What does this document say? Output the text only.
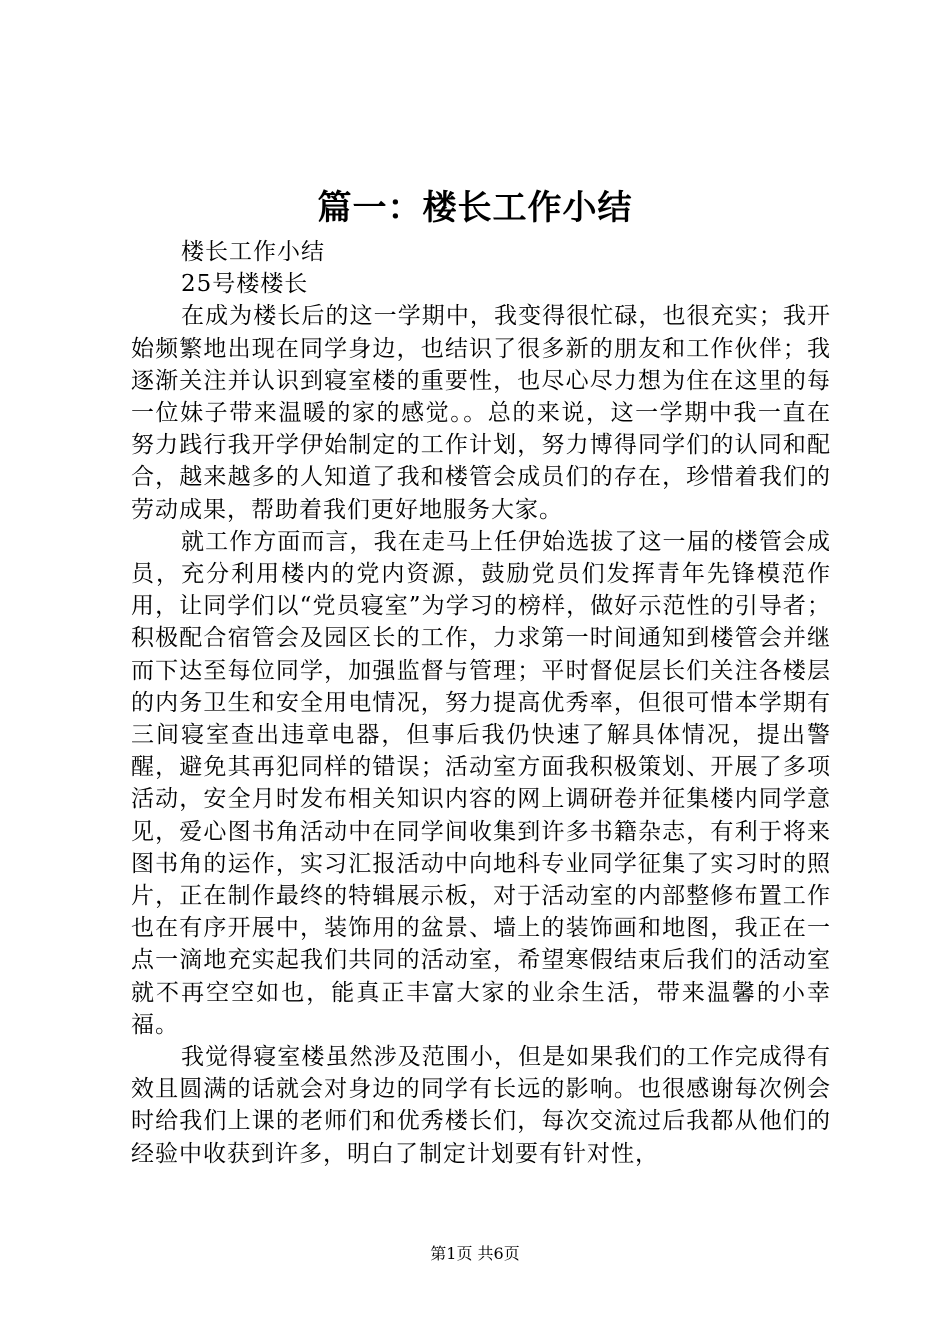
篇一：楼长工作小结

楼长工作小结

25号楼楼长

在成为楼长后的这一学期中，我变得很忙碌，也很充实；我开始频繁地出现在同学身边，也结识了很多新的朋友和工作伙伴；我逐渐关注并认识到寝室楼的重要性，也尽心尽力想为住在这里的每一位妹子带来温暖的家的感觉。。总的来说，这一学期中我一直在努力践行我开学伊始制定的工作计划，努力博得同学们的认同和配合，越来越多的人知道了我和楼管会成员们的存在，珍惜着我们的劳动成果，帮助着我们更好地服务大家。

就工作方面而言，我在走马上任伊始选拔了这一届的楼管会成员，充分利用楼内的党内资源，鼓励党员们发挥青年先锋模范作用，让同学们以“党员寝室”为学习的榜样，做好示范性的引导者；积极配合宿管会及园区长的工作，力求第一时间通知到楼管会并继而下达至每位同学，加强监督与管理；平时督促层长们关注各楼层的内务卫生和安全用电情况，努力提高优秀率，但很可惜本学期有三间寝室查出违章电器，但事后我仍快速了解具体情况，提出警醒，避免其再犯同样的错误；活动室方面我积极策划、开展了多项活动，安全月时发布相关知识内容的网上调研卷并征集楼内同学意见，爱心图书角活动中在同学间收集到许多书籍杂志，有利于将来图书角的运作，实习汇报活动中向地科专业同学征集了实习时的照片，正在制作最终的特辑展示板，对于活动室的内部整修布置工作也在有序开展中，装饰用的盆景、墙上的装饰画和地图，我正在一点一滴地充实起我们共同的活动室，希望寒假结束后我们的活动室就不再空空如也，能真正丰富大家的业余生活，带来温馨的小幸福。

我觉得寝室楼虽然涉及范围小，但是如果我们的工作完成得有效且圆满的话就会对身边的同学有长远的影响。也很感谢每次例会时给我们上课的老师们和优秀楼长们，每次交流过后我都从他们的经验中收获到许多，明白了制定计划要有针对性，

第1页 共6页
